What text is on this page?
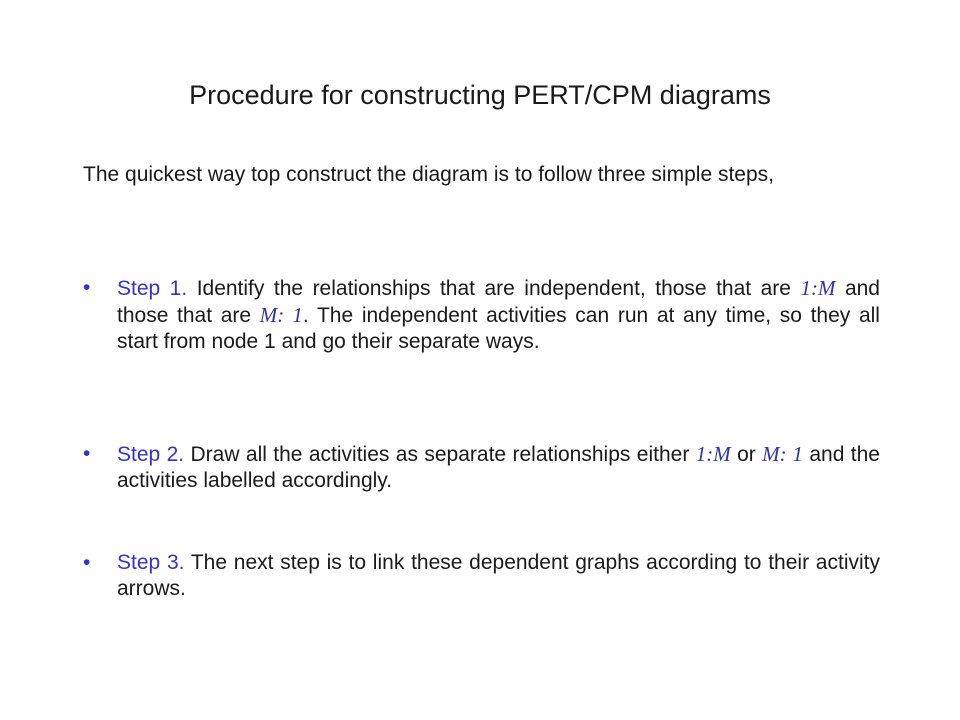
Procedure for constructing PERT/CPM diagrams
The quickest way top construct the diagram is to follow three simple steps,
•	Step 1. Identify the relationships that are independent, those that are 1:M and those that are M: 1. The independent activities can run at any time, so they all start from node 1 and go their separate ways.
•	Step 2. Draw all the activities as separate relationships either 1:M or M: 1 and the activities labelled accordingly.
•	Step 3. The next step is to link these dependent graphs according to their activity arrows.
